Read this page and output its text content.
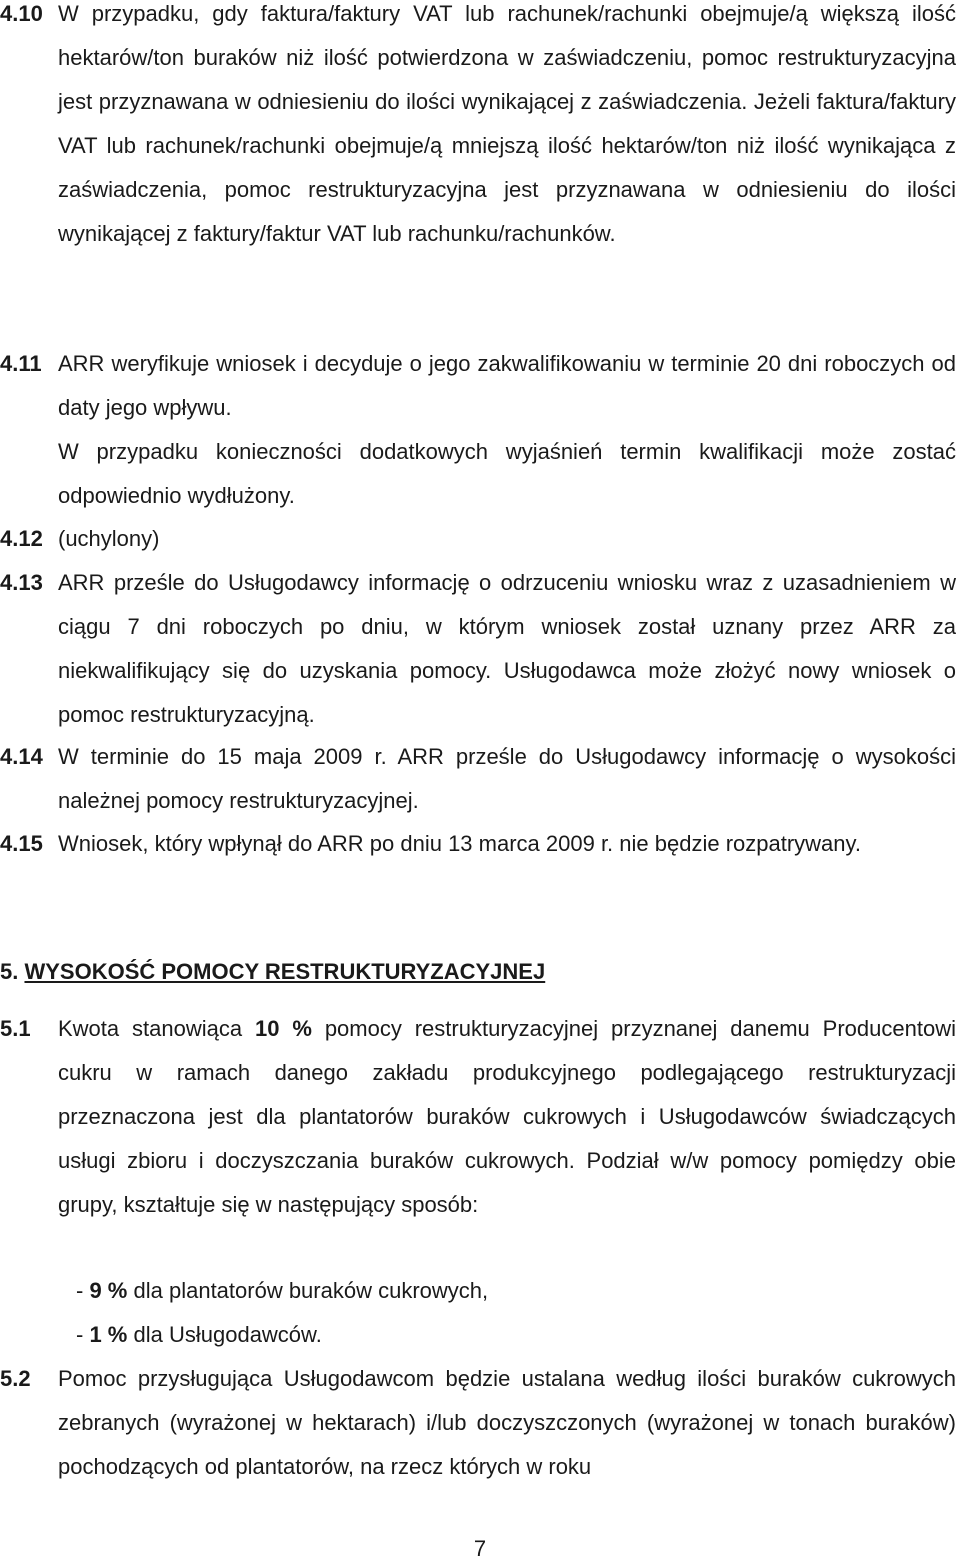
4.10 W przypadku, gdy faktura/faktury VAT lub rachunek/rachunki obejmuje/ą większą ilość hektarów/ton buraków niż ilość potwierdzona w zaświadczeniu, pomoc restrukturyzacyjna jest przyznawana w odniesieniu do ilości wynikającej z zaświadczenia. Jeżeli faktura/faktury VAT lub rachunek/rachunki obejmuje/ą mniejszą ilość hektarów/ton niż ilość wynikająca z zaświadczenia, pomoc restrukturyzacyjna jest przyznawana w odniesieniu do ilości wynikającej z faktury/faktur VAT lub rachunku/rachunków.

4.11 ARR weryfikuje wniosek i decyduje o jego zakwalifikowaniu w terminie 20 dni roboczych od daty jego wpływu.

W przypadku konieczności dodatkowych wyjaśnień termin kwalifikacji może zostać odpowiednio wydłużony.

4.12 (uchylony)

4.13 ARR prześle do Usługodawcy informację o odrzuceniu wniosku wraz z uzasadnieniem w ciągu 7 dni roboczych po dniu, w którym wniosek został uznany przez ARR za niekwalifikujący się do uzyskania pomocy. Usługodawca może złożyć nowy wniosek o pomoc restrukturyzacyjną.

4.14 W terminie do 15 maja 2009 r. ARR prześle do Usługodawcy informację o wysokości należnej pomocy restrukturyzacyjnej.

4.15 Wniosek, który wpłynął do ARR po dniu 13 marca 2009 r. nie będzie rozpatrywany.

5. WYSOKOŚĆ POMOCY RESTRUKTURYZACYJNEJ
5.1	Kwota stanowiąca 10 % pomocy restrukturyzacyjnej przyznanej danemu Producentowi cukru w ramach danego zakładu produkcyjnego podlegającego restrukturyzacji przeznaczona jest dla plantatorów buraków cukrowych i Usługodawców świadczących usługi zbioru i doczyszczania buraków cukrowych. Podział w/w pomocy pomiędzy obie grupy, kształtuje się w następujący sposób:

- 9 % dla plantatorów buraków cukrowych,
- 1 % dla Usługodawców.
5.2	Pomoc przysługująca Usługodawcom będzie ustalana według ilości buraków cukrowych zebranych (wyrażonej w hektarach) i/lub doczyszczonych (wyrażonej w tonach buraków) pochodzących od plantatorów, na rzecz których w roku

7
